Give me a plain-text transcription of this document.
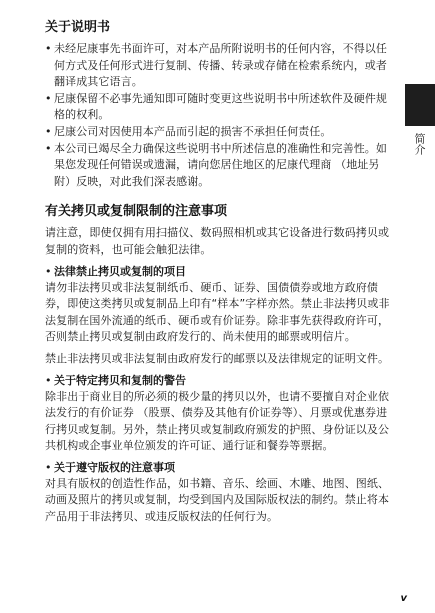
简介
关于说明书
• 未经尼康事先书面许可，对本产品所附说明书的任何内容，不得以任何方式及任何形式进行复制、传播、转录或存储在检索系统内，或者翻译成其它语言。
• 尼康保留不必事先通知即可随时变更这些说明书中所述软件及硬件规格的权利。
• 尼康公司对因使用本产品而引起的损害不承担任何责任。
• 本公司已竭尽全力确保这些说明书中所述信息的准确性和完善性。如果您发现任何错误或遗漏，请向您居住地区的尼康代理商 （地址另附）反映，对此我们深表感谢。
有关拷贝或复制限制的注意事项

请注意，即使仅拥有用扫描仪、数码照相机或其它设备进行数码拷贝或复制的资料，也可能会触犯法律。

• 法律禁止拷贝或复制的项目

请勿非法拷贝或非法复制纸币、硬币、证券、国债债券或地方政府债券，即使这类拷贝或复制品上印有“样本”字样亦然。禁止非法拷贝或非法复制在国外流通的纸币、硬币或有价证券。除非事先获得政府许可，否则禁止拷贝或复制由政府发行的、尚未使用的邮票或明信片。

禁止非法拷贝或非法复制由政府发行的邮票以及法律规定的证明文件。

• 关于特定拷贝和复制的警告

除非出于商业目的所必须的极少量的拷贝以外，也请不要擅自对企业依法发行的有价证券 （股票、债券及其他有价证券等）、月票或优惠券进行拷贝或复制。另外，禁止拷贝或复制政府颁发的护照、身份证以及公共机构或企事业单位颁发的许可证、通行证和餐券等票据。

• 关于遵守版权的注意事项

对具有版权的创造性作品，如书籍、音乐、绘画、木雕、地图、图纸、动画及照片的拷贝或复制，均受到国内及国际版权法的制约。禁止将本产品用于非法拷贝、或违反版权法的任何行为。

v
